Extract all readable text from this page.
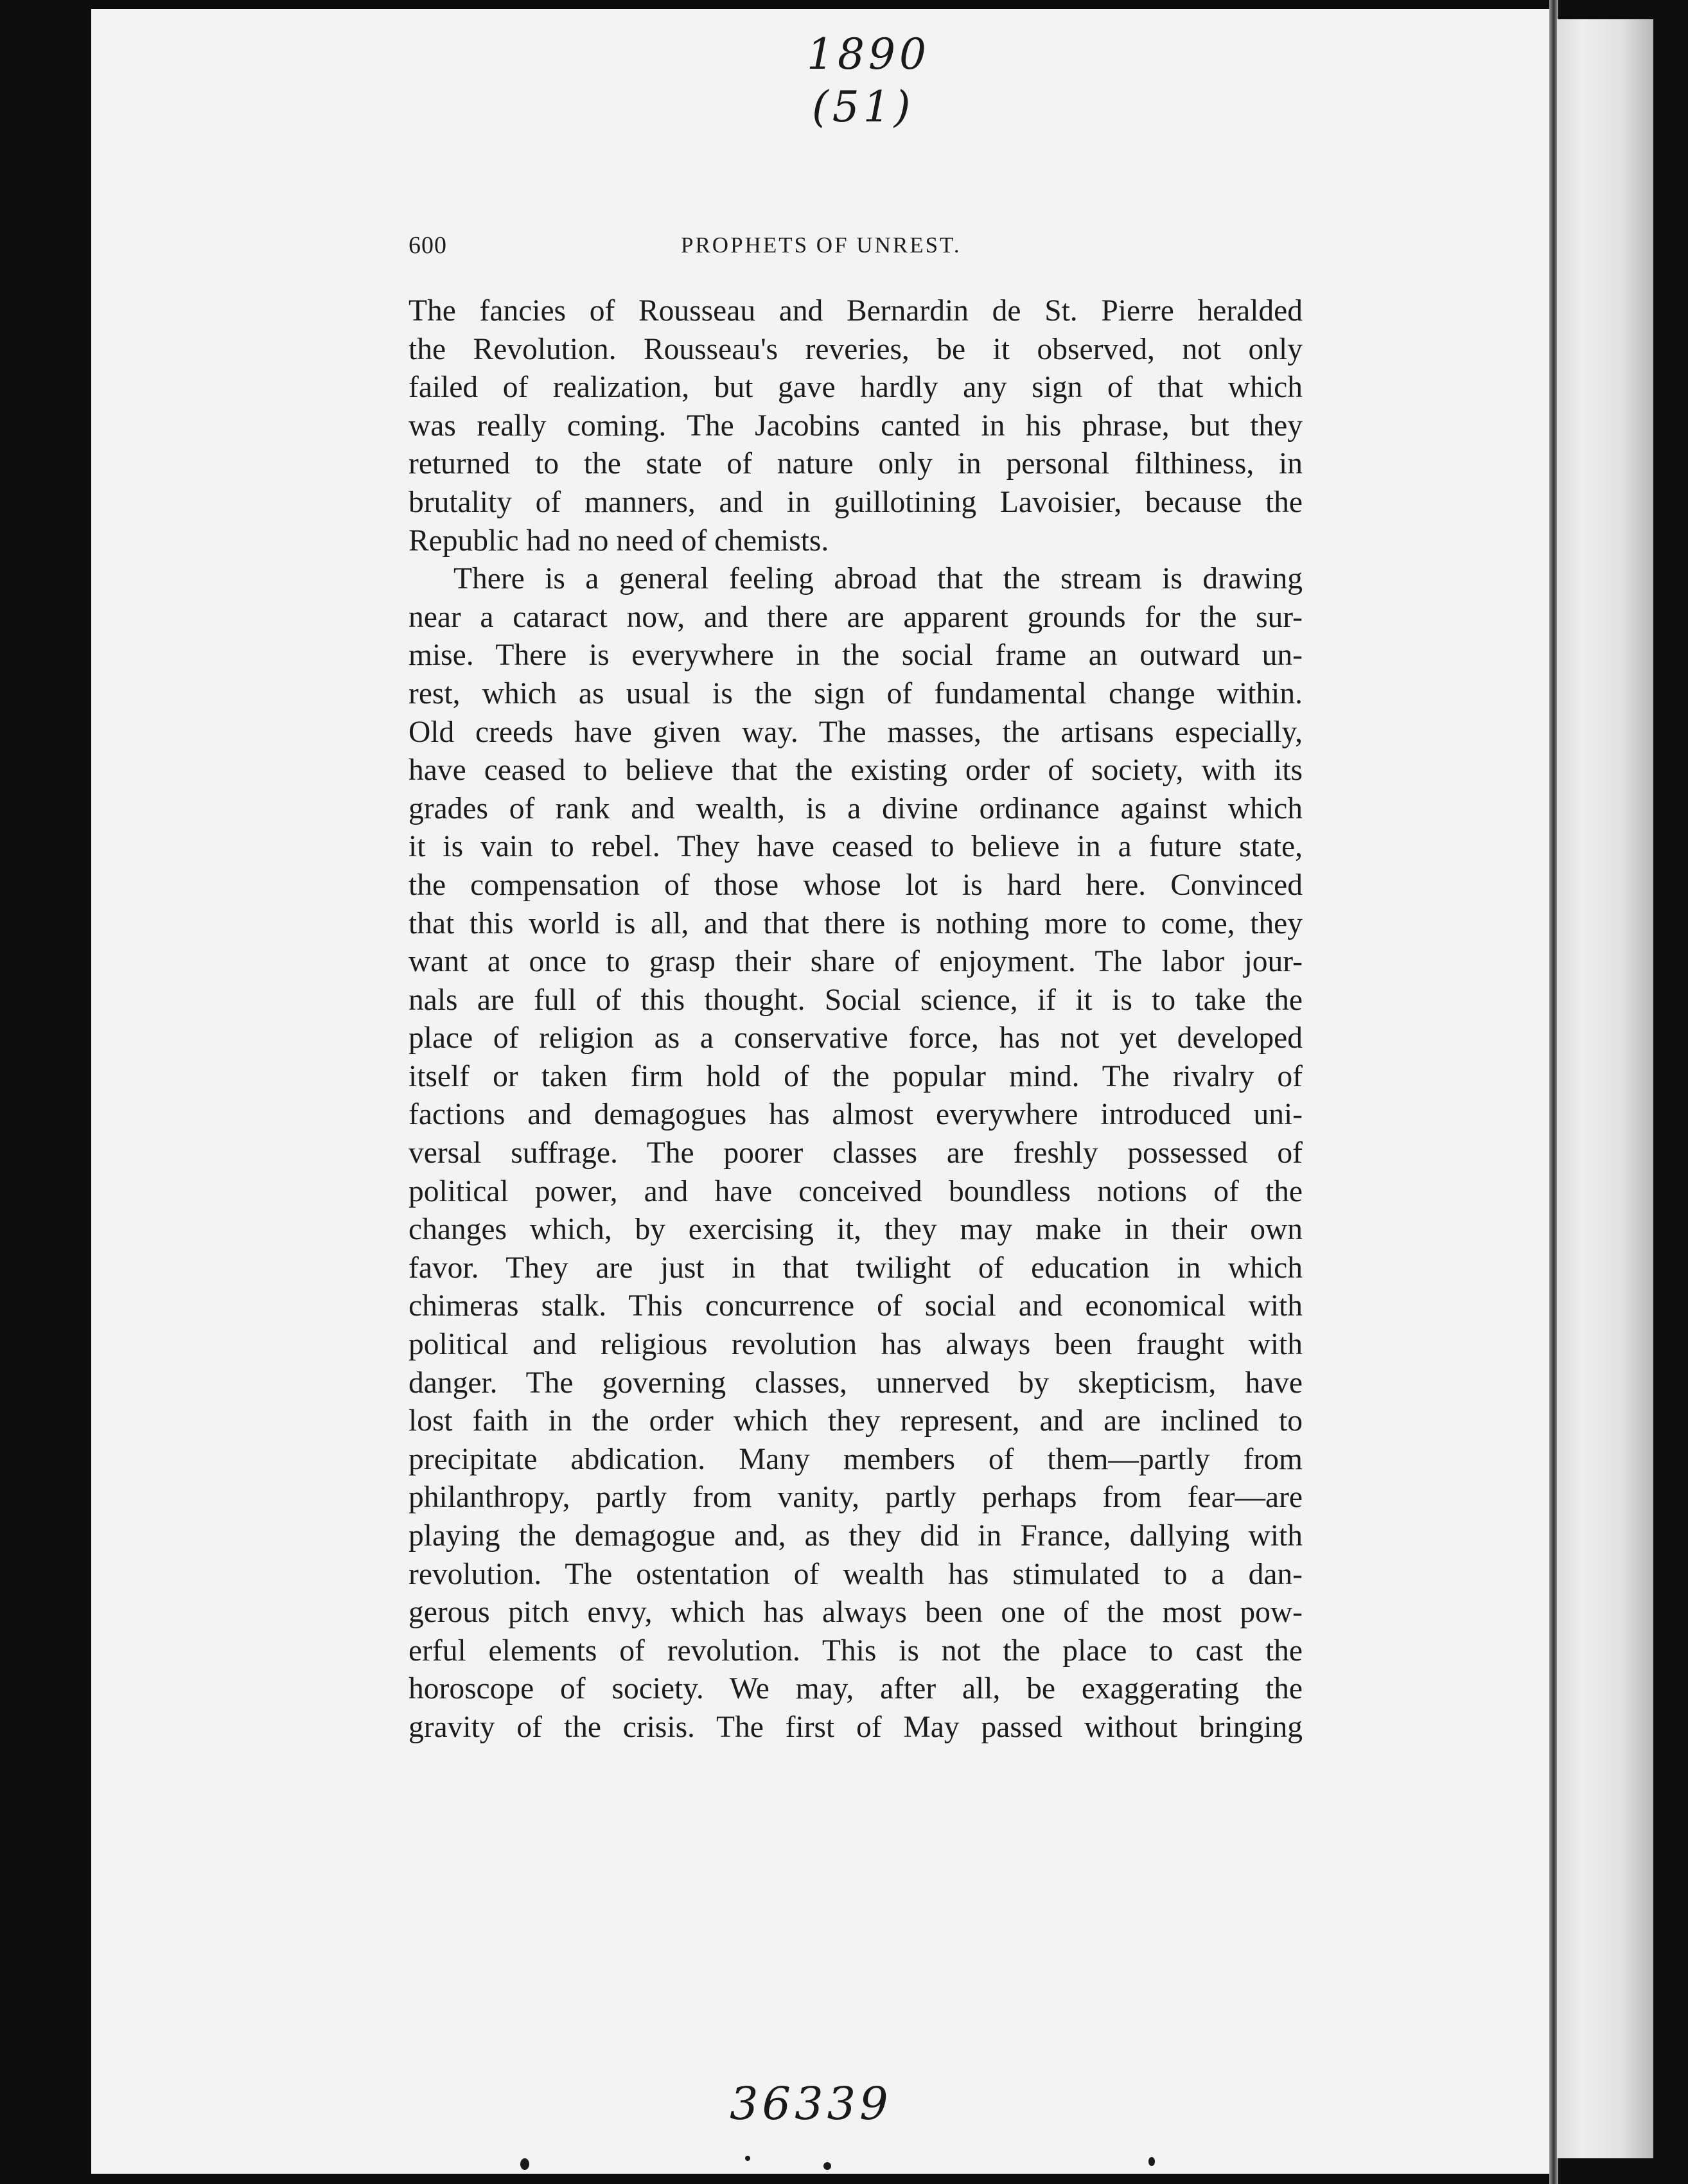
1890
(51)
600	PROPHETS OF UNREST.
The fancies of Rousseau and Bernardin de St. Pierre heralded
the Revolution. Rousseau's reveries, be it observed, not only
failed of realization, but gave hardly any sign of that which
was really coming. The Jacobins canted in his phrase, but they
returned to the state of nature only in personal filthiness, in
brutality of manners, and in guillotining Lavoisier, because the
Republic had no need of chemists.
There is a general feeling abroad that the stream is drawing
near a cataract now, and there are apparent grounds for the sur-
mise. There is everywhere in the social frame an outward un-
rest, which as usual is the sign of fundamental change within.
Old creeds have given way. The masses, the artisans especially,
have ceased to believe that the existing order of society, with its
grades of rank and wealth, is a divine ordinance against which
it is vain to rebel. They have ceased to believe in a future state,
the compensation of those whose lot is hard here. Convinced
that this world is all, and that there is nothing more to come, they
want at once to grasp their share of enjoyment. The labor jour-
nals are full of this thought. Social science, if it is to take the
place of religion as a conservative force, has not yet developed
itself or taken firm hold of the popular mind. The rivalry of
factions and demagogues has almost everywhere introduced uni-
versal suffrage. The poorer classes are freshly possessed of
political power, and have conceived boundless notions of the
changes which, by exercising it, they may make in their own
favor. They are just in that twilight of education in which
chimeras stalk. This concurrence of social and economical with
political and religious revolution has always been fraught with
danger. The governing classes, unnerved by skepticism, have
lost faith in the order which they represent, and are inclined to
precipitate abdication. Many members of them—partly from
philanthropy, partly from vanity, partly perhaps from fear—are
playing the demagogue and, as they did in France, dallying with
revolution. The ostentation of wealth has stimulated to a dan-
gerous pitch envy, which has always been one of the most pow-
erful elements of revolution. This is not the place to cast the
horoscope of society. We may, after all, be exaggerating the
gravity of the crisis. The first of May passed without bringing
36339
